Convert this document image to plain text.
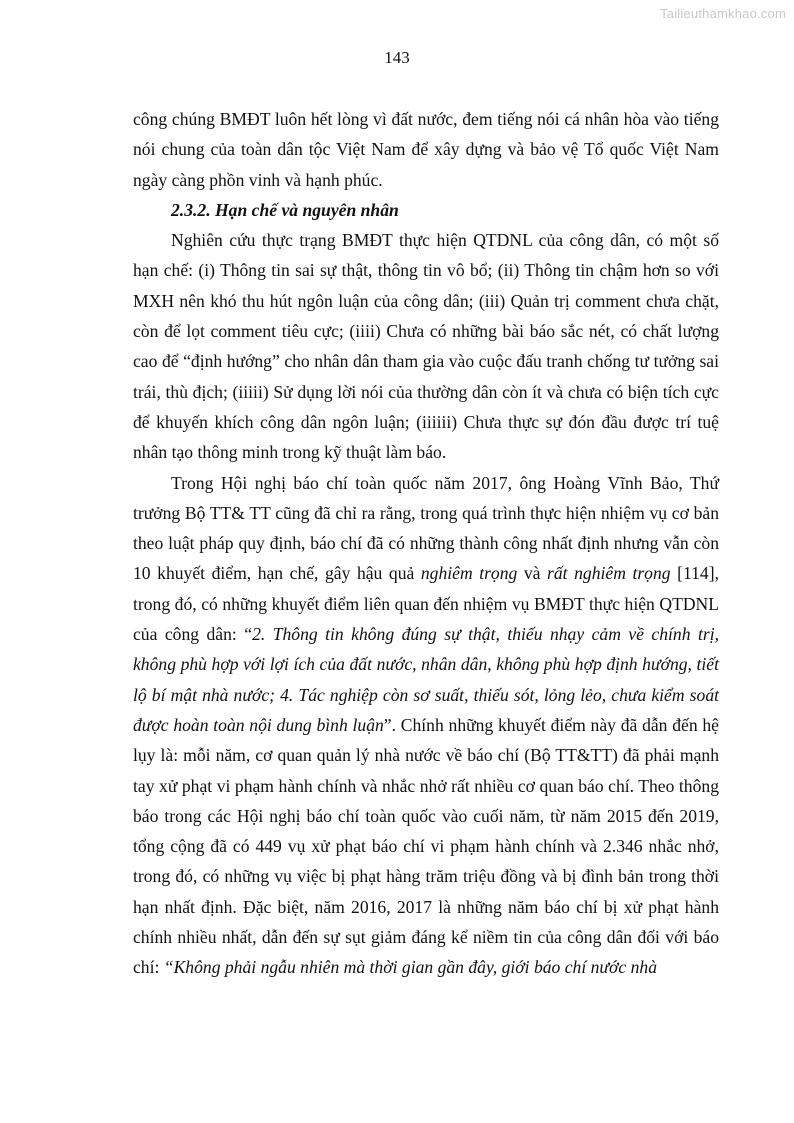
Tailieuthamkhao.com
143

công chúng BMĐT luôn hết lòng vì đất nước, đem tiếng nói cá nhân hòa vào tiếng nói chung của toàn dân tộc Việt Nam để xây dựng và bảo vệ Tổ quốc Việt Nam ngày càng phồn vinh và hạnh phúc.

2.3.2. Hạn chế và nguyên nhân

Nghiên cứu thực trạng BMĐT thực hiện QTDNL của công dân, có một số hạn chế: (i) Thông tin sai sự thật, thông tin vô bổ; (ii) Thông tin chậm hơn so với MXH nên khó thu hút ngôn luận của công dân; (iii) Quản trị comment chưa chặt, còn để lọt comment tiêu cực; (iiii) Chưa có những bài báo sắc nét, có chất lượng cao để “định hướng” cho nhân dân tham gia vào cuộc đấu tranh chống tư tưởng sai trái, thù địch; (iiiii) Sử dụng lời nói của thường dân còn ít và chưa có biện tích cực để khuyến khích công dân ngôn luận; (iiiiii) Chưa thực sự đón đầu được trí tuệ nhân tạo thông minh trong kỹ thuật làm báo.

Trong Hội nghị báo chí toàn quốc năm 2017, ông Hoàng Vĩnh Bảo, Thứ trưởng Bộ TT& TT cũng đã chỉ ra rằng, trong quá trình thực hiện nhiệm vụ cơ bản theo luật pháp quy định, báo chí đã có những thành công nhất định nhưng vẫn còn 10 khuyết điểm, hạn chế, gây hậu quả nghiêm trọng và rất nghiêm trọng [114], trong đó, có những khuyết điểm liên quan đến nhiệm vụ BMĐT thực hiện QTDNL của công dân: “2. Thông tin không đúng sự thật, thiếu nhạy cảm về chính trị, không phù hợp với lợi ích của đất nước, nhân dân, không phù hợp định hướng, tiết lộ bí mật nhà nước; 4. Tác nghiệp còn sơ suất, thiếu sót, lỏng lẻo, chưa kiểm soát được hoàn toàn nội dung bình luận”. Chính những khuyết điểm này đã dẫn đến hệ lụy là: mỗi năm, cơ quan quản lý nhà nước về báo chí (Bộ TT&TT) đã phải mạnh tay xử phạt vi phạm hành chính và nhắc nhở rất nhiều cơ quan báo chí. Theo thông báo trong các Hội nghị báo chí toàn quốc vào cuối năm, từ năm 2015 đến 2019, tổng cộng đã có 449 vụ xử phạt báo chí vi phạm hành chính và 2.346 nhắc nhở, trong đó, có những vụ việc bị phạt hàng trăm triệu đồng và bị đình bản trong thời hạn nhất định. Đặc biệt, năm 2016, 2017 là những năm báo chí bị xử phạt hành chính nhiều nhất, dẫn đến sự sụt giảm đáng kể niềm tin của công dân đối với báo chí: “Không phải ngẫu nhiên mà thời gian gần đây, giới báo chí nước nhà
